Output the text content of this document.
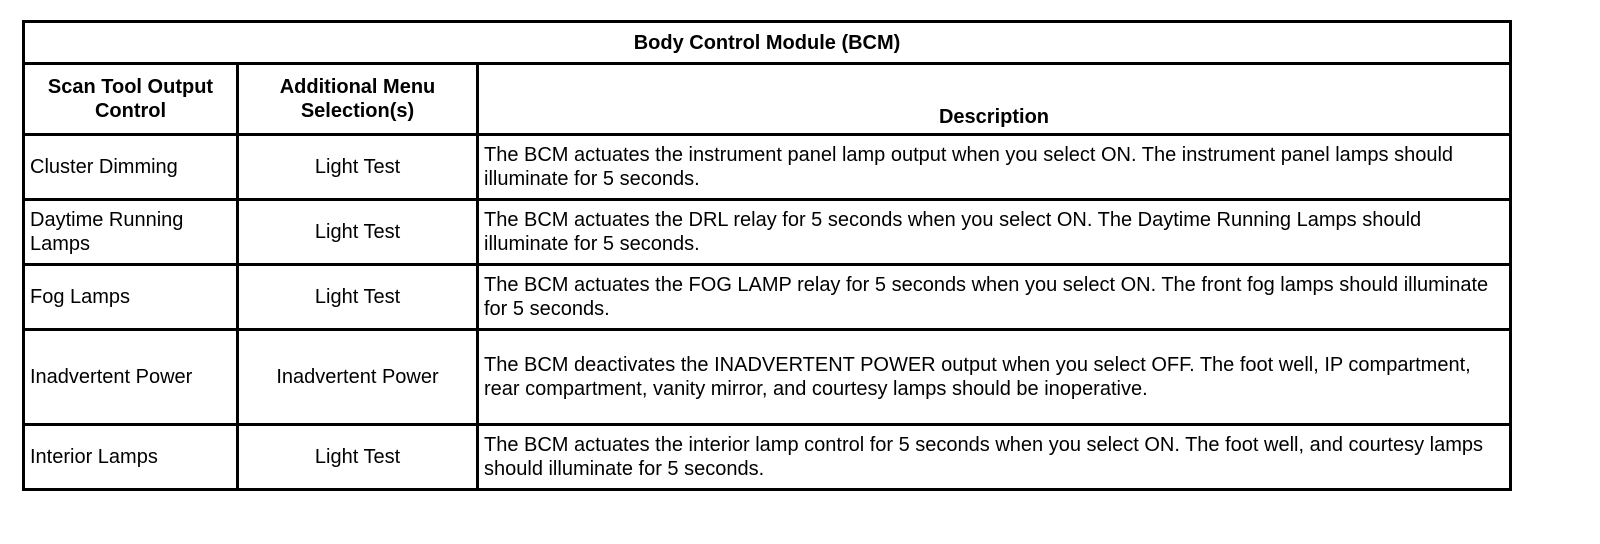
Body Control Module (BCM)		
Scan Tool Output Control	Additional Menu Selection(s)	Description
Cluster Dimming	Light Test	The BCM actuates the instrument panel lamp output when you select ON. The instrument panel lamps should illuminate for 5 seconds.
Daytime Running Lamps	Light Test	The BCM actuates the DRL relay for 5 seconds when you select ON. The Daytime Running Lamps should illuminate for 5 seconds.
Fog Lamps	Light Test	The BCM actuates the FOG LAMP relay for 5 seconds when you select ON. The front fog lamps should illuminate for 5 seconds.
Inadvertent Power	Inadvertent Power	The BCM deactivates the INADVERTENT POWER output when you select OFF. The foot well, IP compartment, rear compartment, vanity mirror, and courtesy lamps should be inoperative.
Interior Lamps	Light Test	The BCM actuates the interior lamp control for 5 seconds when you select ON. The foot well, and courtesy lamps should illuminate for 5 seconds.
